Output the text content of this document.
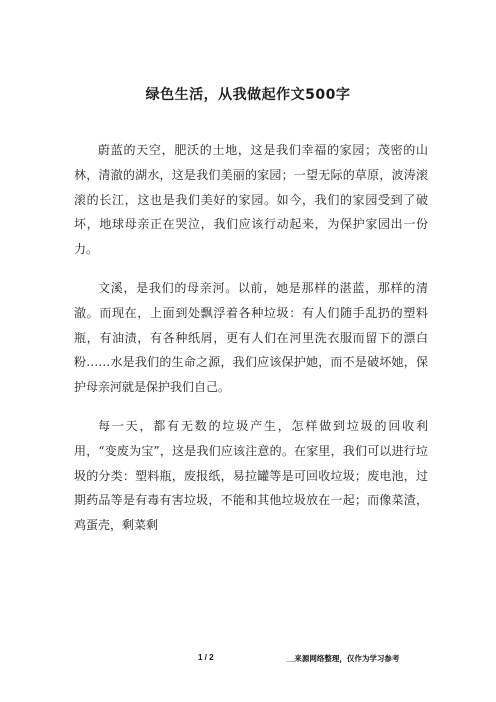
绿色生活，从我做起作文500字

蔚蓝的天空，肥沃的土地，这是我们幸福的家园；茂密的山林，清澈的湖水，这是我们美丽的家园；一望无际的草原，波涛滚滚的长江，这也是我们美好的家园。如今，我们的家园受到了破坏，地球母亲正在哭泣，我们应该行动起来，为保护家园出一份力。

文溪，是我们的母亲河。以前，她是那样的湛蓝，那样的清澈。而现在，上面到处飘浮着各种垃圾：有人们随手乱扔的塑料瓶，有油渍，有各种纸屑，更有人们在河里洗衣服而留下的漂白粉……水是我们的生命之源，我们应该保护她，而不是破坏她，保护母亲河就是保护我们自己。

每一天，都有无数的垃圾产生，怎样做到垃圾的回收利用，“变废为宝”，这是我们应该注意的。在家里，我们可以进行垃圾的分类：塑料瓶，废报纸，易拉罐等是可回收垃圾；废电池，过期药品等是有毒有害垃圾，不能和其他垃圾放在一起；而像菜渣，鸡蛋壳，剩菜剩

1 / 2	__来源网络整理，仅作为学习参考
